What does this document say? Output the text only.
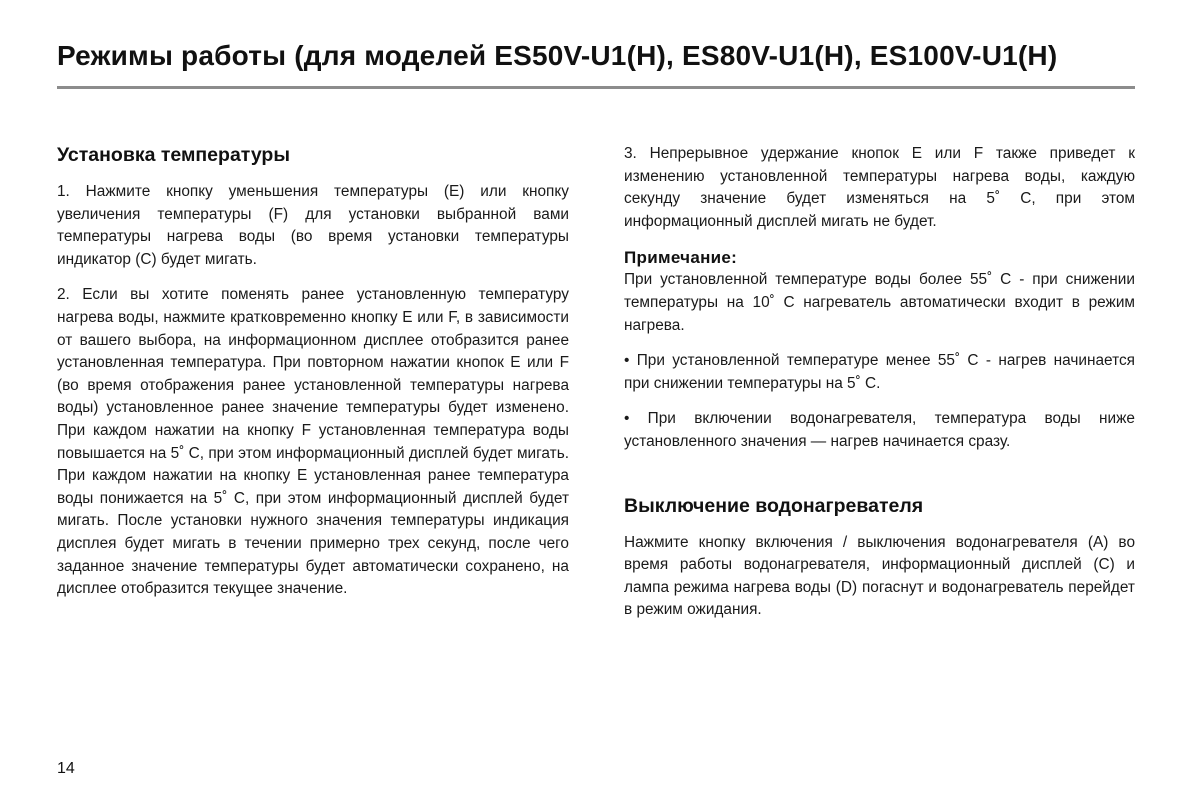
Режимы работы (для моделей ES50V-U1(H), ES80V-U1(H), ES100V-U1(H)
Установка температуры

1. Нажмите кнопку уменьшения температуры (E) или кнопку увеличения температуры (F) для установки выбранной вами температуры нагрева воды (во время установки температуры индикатор (C) будет мигать.

2. Если вы хотите поменять ранее установленную температуру нагрева воды, нажмите кратковременно кнопку E или F, в зависимости от вашего выбора, на информационном дисплее отобразится ранее установленная температура. При повторном нажатии кнопок E или F (во время отображения ранее установленной температуры нагрева воды) установленное ранее значение температуры будет изменено. При каждом нажатии на кнопку F установленная температура воды повышается на 5˚ C, при этом информационный дисплей будет мигать. При каждом нажатии на кнопку E установленная ранее температура воды понижается на 5˚ C, при этом информационный дисплей будет мигать. После установки нужного значения температуры индикация дисплея будет мигать в течении примерно трех секунд, после чего заданное значение температуры будет автоматически сохранено, на дисплее отобразится текущее значение.

3. Непрерывное удержание кнопок E или F также приведет к изменению установленной температуры нагрева воды, каждую секунду значение будет изменяться на 5˚ C, при этом информационный дисплей мигать не будет.

Примечание:

При установленной температуре воды более 55˚ C - при снижении температуры на 10˚ C нагреватель автоматически входит в режим нагрева.

• При установленной температуре менее 55˚ C - нагрев начинается при снижении температуры на 5˚ C.

• При включении водонагревателя, температура воды ниже установленного значения — нагрев начинается сразу.

Выключение водонагревателя

Нажмите кнопку включения / выключения водонагревателя (A) во время работы водонагревателя, информационный дисплей (C) и лампа режима нагрева воды (D) погаснут и водонагреватель перейдет в режим ожидания.

14
